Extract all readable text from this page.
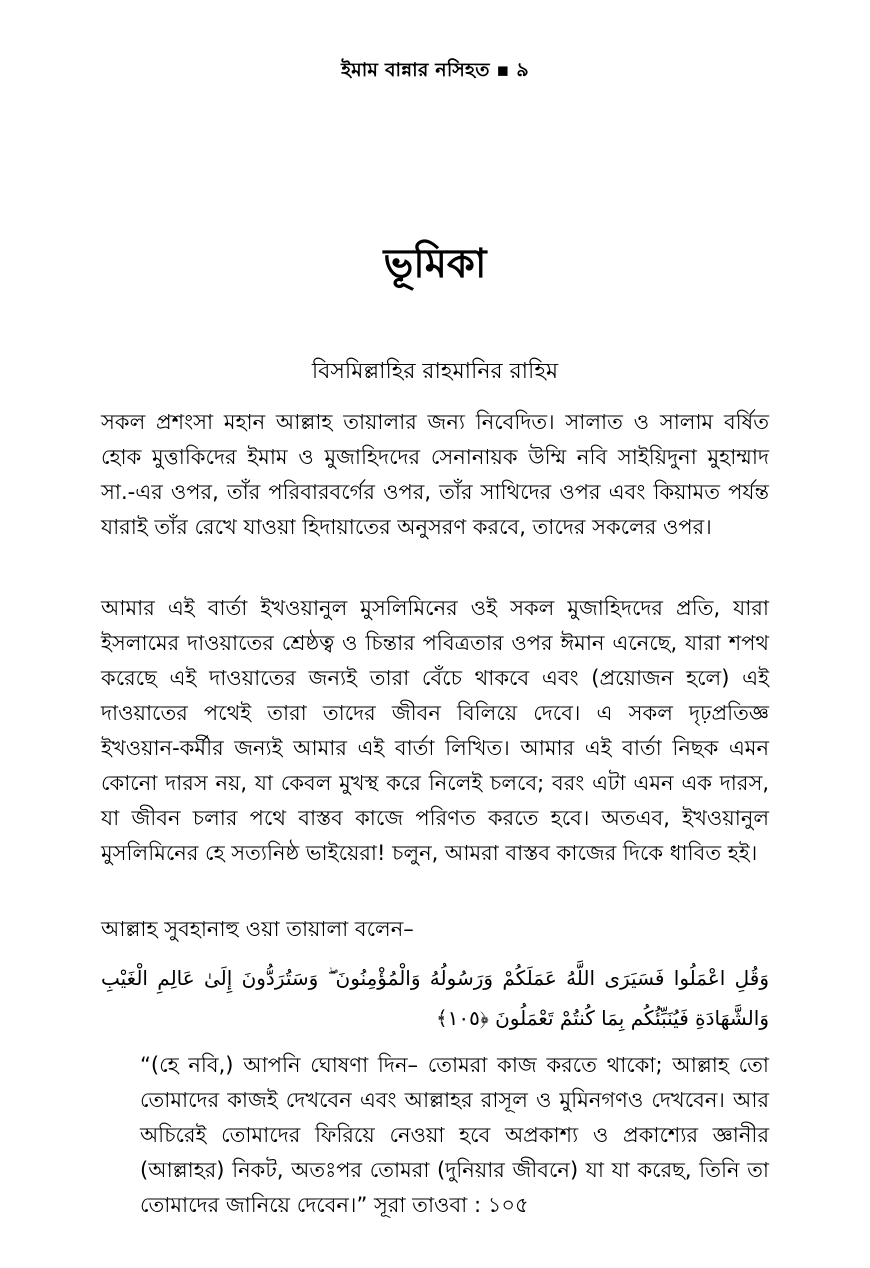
ইমাম বান্নার নসিহত ▪ ৯
ভূমিকা
বিসমিল্লাহির রাহমানির রাহিম

সকল প্রশংসা মহান আল্লাহ তায়ালার জন্য নিবেদিত। সালাত ও সালাম বর্ষিত হোক মুত্তাকিদের ইমাম ও মুজাহিদদের সেনানায়ক উম্মি নবি সাইয়িদুনা মুহাম্মাদ সা.-এর ওপর, তাঁর পরিবারবর্গের ওপর, তাঁর সাথিদের ওপর এবং কিয়ামত পর্যন্ত যারাই তাঁর রেখে যাওয়া হিদায়াতের অনুসরণ করবে, তাদের সকলের ওপর।

আমার এই বার্তা ইখওয়ানুল মুসলিমিনের ওই সকল মুজাহিদদের প্রতি, যারা ইসলামের দাওয়াতের শ্রেষ্ঠত্ব ও চিন্তার পবিত্রতার ওপর ঈমান এনেছে, যারা শপথ করেছে এই দাওয়াতের জন্যই তারা বেঁচে থাকবে এবং (প্রয়োজন হলে) এই দাওয়াতের পথেই তারা তাদের জীবন বিলিয়ে দেবে। এ সকল দৃঢ়প্রতিজ্ঞ ইখওয়ান-কর্মীর জন্যই আমার এই বার্তা লিখিত। আমার এই বার্তা নিছক এমন কোনো দারস নয়, যা কেবল মুখস্থ করে নিলেই চলবে; বরং এটা এমন এক দারস, যা জীবন চলার পথে বাস্তব কাজে পরিণত করতে হবে। অতএব, ইখওয়ানুল মুসলিমিনের হে সত্যনিষ্ঠ ভাইয়েরা! চলুন, আমরা বাস্তব কাজের দিকে ধাবিত হই।

আল্লাহ সুবহানাহু ওয়া তায়ালা বলেন–

وَقُلِ اعْمَلُوا فَسَيَرَى اللَّهُ عَمَلَكُمْ وَرَسُولُهُ وَالْمُؤْمِنُونَ ۖ وَسَتُرَدُّونَ إِلَىٰ عَالِمِ الْغَيْبِ وَالشَّهَادَةِ فَيُنَبِّئُكُم بِمَا كُنتُمْ تَعْمَلُونَ ﴿١٠٥﴾

“(হে নবি,) আপনি ঘোষণা দিন– তোমরা কাজ করতে থাকো; আল্লাহ তো তোমাদের কাজই দেখবেন এবং আল্লাহর রাসূল ও মুমিনগণও দেখবেন। আর অচিরেই তোমাদের ফিরিয়ে নেওয়া হবে অপ্রকাশ্য ও প্রকাশ্যের জ্ঞানীর (আল্লাহর) নিকট, অতঃপর তোমরা (দুনিয়ার জীবনে) যা যা করেছ, তিনি তা তোমাদের জানিয়ে দেবেন।” সূরা তাওবা : ১০৫
